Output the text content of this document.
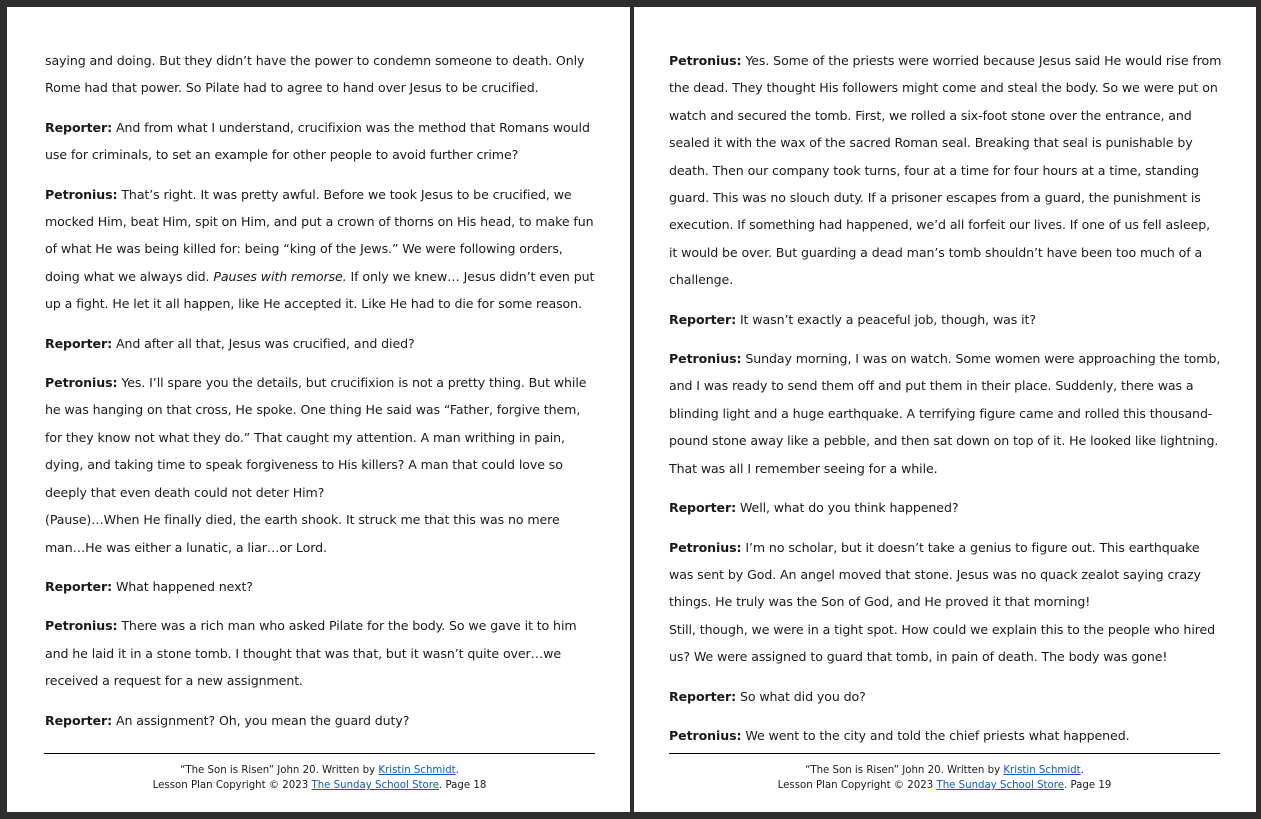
saying and doing. But they didn’t have the power to condemn someone to death. Only Rome had that power. So Pilate had to agree to hand over Jesus to be crucified.

Reporter: And from what I understand, crucifixion was the method that Romans would use for criminals, to set an example for other people to avoid further crime?

Petronius: That’s right. It was pretty awful. Before we took Jesus to be crucified, we mocked Him, beat Him, spit on Him, and put a crown of thorns on His head, to make fun of what He was being killed for: being “king of the Jews.” We were following orders, doing what we always did. Pauses with remorse. If only we knew… Jesus didn’t even put up a fight. He let it all happen, like He accepted it. Like He had to die for some reason.

Reporter: And after all that, Jesus was crucified, and died?

Petronius: Yes. I’ll spare you the details, but crucifixion is not a pretty thing. But while he was hanging on that cross, He spoke. One thing He said was “Father, forgive them, for they know not what they do.” That caught my attention. A man writhing in pain, dying, and taking time to speak forgiveness to His killers? A man that could love so deeply that even death could not deter Him?

(Pause)…When He finally died, the earth shook. It struck me that this was no mere man…He was either a lunatic, a liar…or Lord.

Reporter: What happened next?

Petronius: There was a rich man who asked Pilate for the body. So we gave it to him and he laid it in a stone tomb. I thought that was that, but it wasn’t quite over…we received a request for a new assignment.

Reporter: An assignment? Oh, you mean the guard duty?

“The Son is Risen” John 20. Written by Kristin Schmidt.
Lesson Plan Copyright © 2023 The Sunday School Store. Page 18

Petronius: Yes. Some of the priests were worried because Jesus said He would rise from the dead. They thought His followers might come and steal the body. So we were put on watch and secured the tomb. First, we rolled a six-foot stone over the entrance, and sealed it with the wax of the sacred Roman seal. Breaking that seal is punishable by death. Then our company took turns, four at a time for four hours at a time, standing guard. This was no slouch duty. If a prisoner escapes from a guard, the punishment is execution. If something had happened, we’d all forfeit our lives. If one of us fell asleep, it would be over. But guarding a dead man’s tomb shouldn’t have been too much of a challenge.

Reporter: It wasn’t exactly a peaceful job, though, was it?

Petronius: Sunday morning, I was on watch. Some women were approaching the tomb, and I was ready to send them off and put them in their place. Suddenly, there was a blinding light and a huge earthquake. A terrifying figure came and rolled this thousand-pound stone away like a pebble, and then sat down on top of it. He looked like lightning. That was all I remember seeing for a while.

Reporter: Well, what do you think happened?

Petronius: I’m no scholar, but it doesn’t take a genius to figure out. This earthquake was sent by God. An angel moved that stone. Jesus was no quack zealot saying crazy things. He truly was the Son of God, and He proved it that morning!

Still, though, we were in a tight spot. How could we explain this to the people who hired us? We were assigned to guard that tomb, in pain of death. The body was gone!

Reporter: So what did you do?

Petronius: We went to the city and told the chief priests what happened.

“The Son is Risen” John 20. Written by Kristin Schmidt.
Lesson Plan Copyright © 2023 The Sunday School Store. Page 19
